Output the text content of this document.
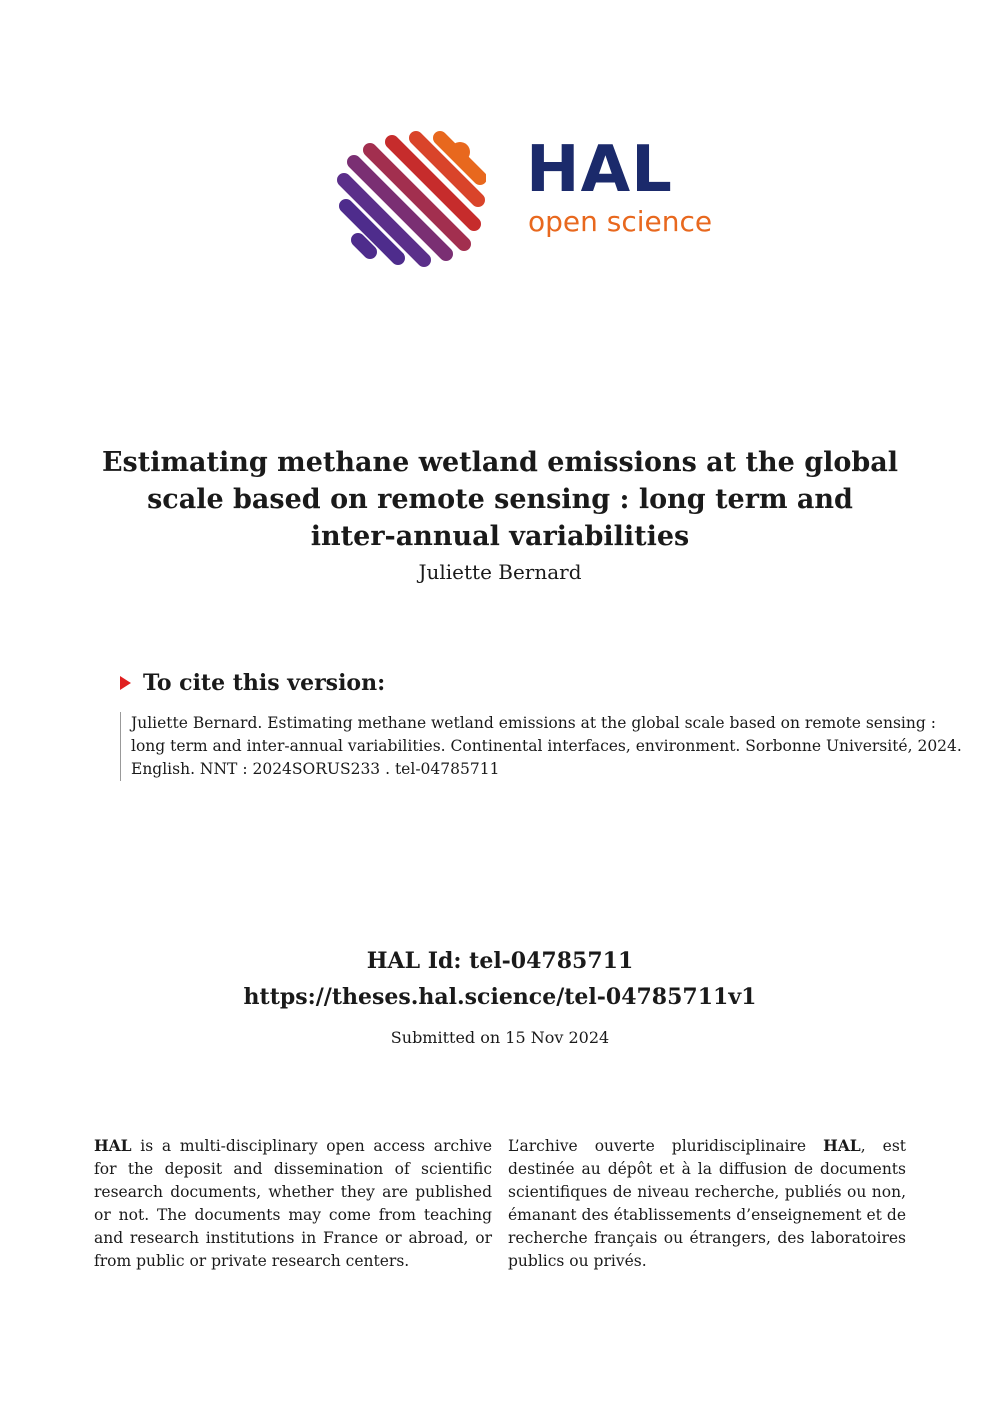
HAL
open science
Estimating methane wetland emissions at the global scale based on remote sensing : long term and inter-annual variabilities
Juliette Bernard
To cite this version:
Juliette Bernard. Estimating methane wetland emissions at the global scale based on remote sensing : long term and inter-annual variabilities. Continental interfaces, environment. Sorbonne Université, 2024. English. NNT : 2024SORUS233 . tel-04785711
HAL Id: tel-04785711
https://theses.hal.science/tel-04785711v1
Submitted on 15 Nov 2024
HAL is a multi-disciplinary open access archive for the deposit and dissemination of scientific research documents, whether they are published or not. The documents may come from teaching and research institutions in France or abroad, or from public or private research centers.
L’archive ouverte pluridisciplinaire HAL, est destinée au dépôt et à la diffusion de documents scientifiques de niveau recherche, publiés ou non, émanant des établissements d’enseignement et de recherche français ou étrangers, des laboratoires publics ou privés.
